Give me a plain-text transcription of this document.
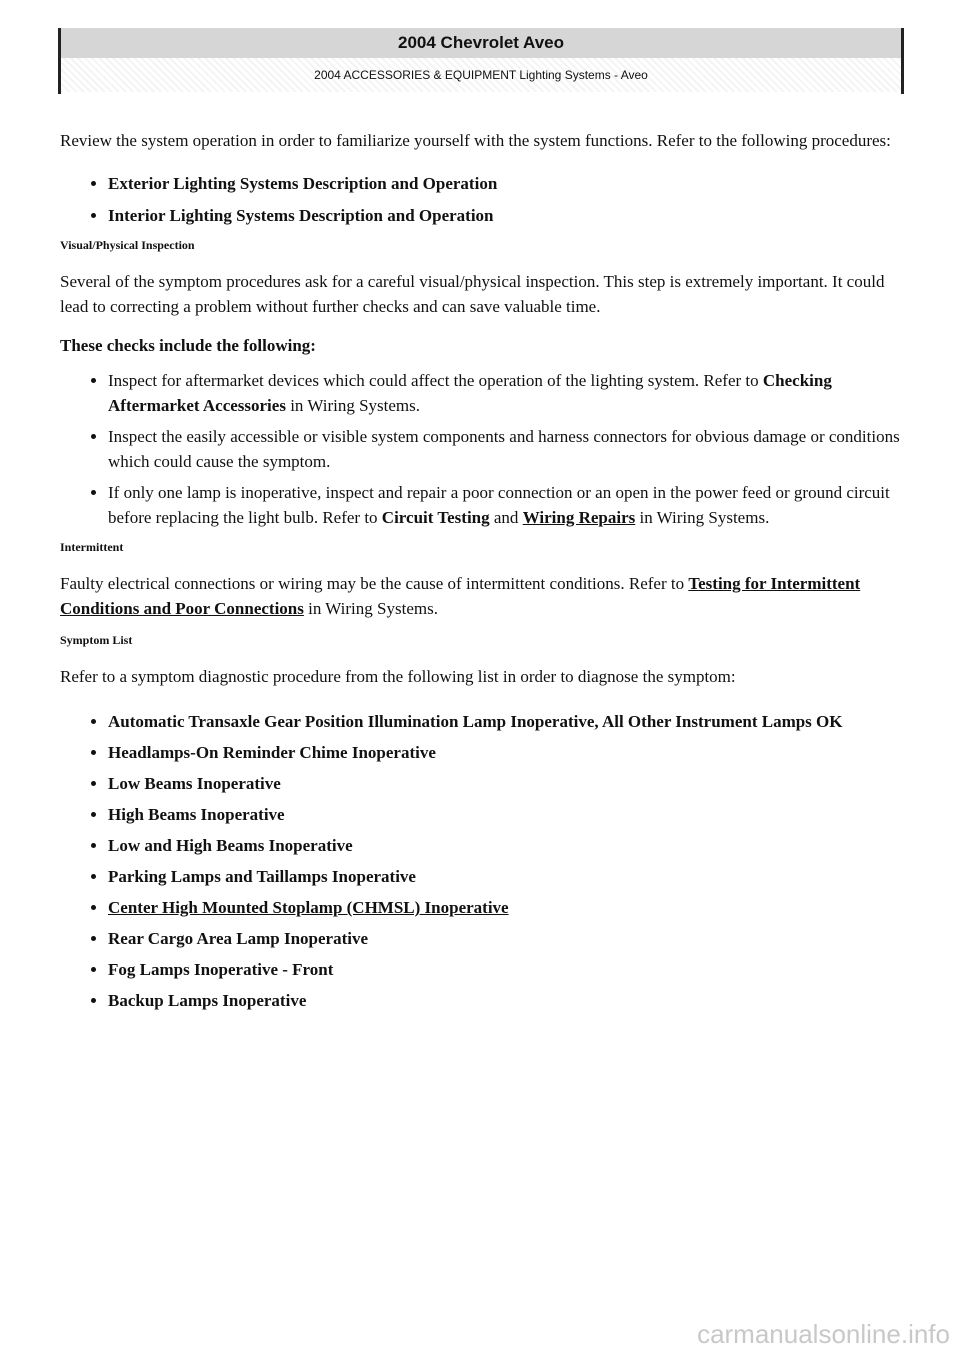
2004 Chevrolet Aveo
2004 ACCESSORIES & EQUIPMENT Lighting Systems - Aveo

Review the system operation in order to familiarize yourself with the system functions. Refer to the following procedures:

• Exterior Lighting Systems Description and Operation
• Interior Lighting Systems Description and Operation
Visual/Physical Inspection

Several of the symptom procedures ask for a careful visual/physical inspection. This step is extremely important. It could lead to correcting a problem without further checks and can save valuable time.

These checks include the following:

• Inspect for aftermarket devices which could affect the operation of the lighting system. Refer to Checking Aftermarket Accessories in Wiring Systems.
• Inspect the easily accessible or visible system components and harness connectors for obvious damage or conditions which could cause the symptom.
• If only one lamp is inoperative, inspect and repair a poor connection or an open in the power feed or ground circuit before replacing the light bulb. Refer to Circuit Testing and Wiring Repairs in Wiring Systems.
Intermittent

Faulty electrical connections or wiring may be the cause of intermittent conditions. Refer to Testing for Intermittent Conditions and Poor Connections in Wiring Systems.

Symptom List

Refer to a symptom diagnostic procedure from the following list in order to diagnose the symptom:

• Automatic Transaxle Gear Position Illumination Lamp Inoperative, All Other Instrument Lamps OK
• Headlamps-On Reminder Chime Inoperative
• Low Beams Inoperative
• High Beams Inoperative
• Low and High Beams Inoperative
• Parking Lamps and Taillamps Inoperative
• Center High Mounted Stoplamp (CHMSL) Inoperative
• Rear Cargo Area Lamp Inoperative
• Fog Lamps Inoperative - Front
• Backup Lamps Inoperative
carmanualsonline.info
